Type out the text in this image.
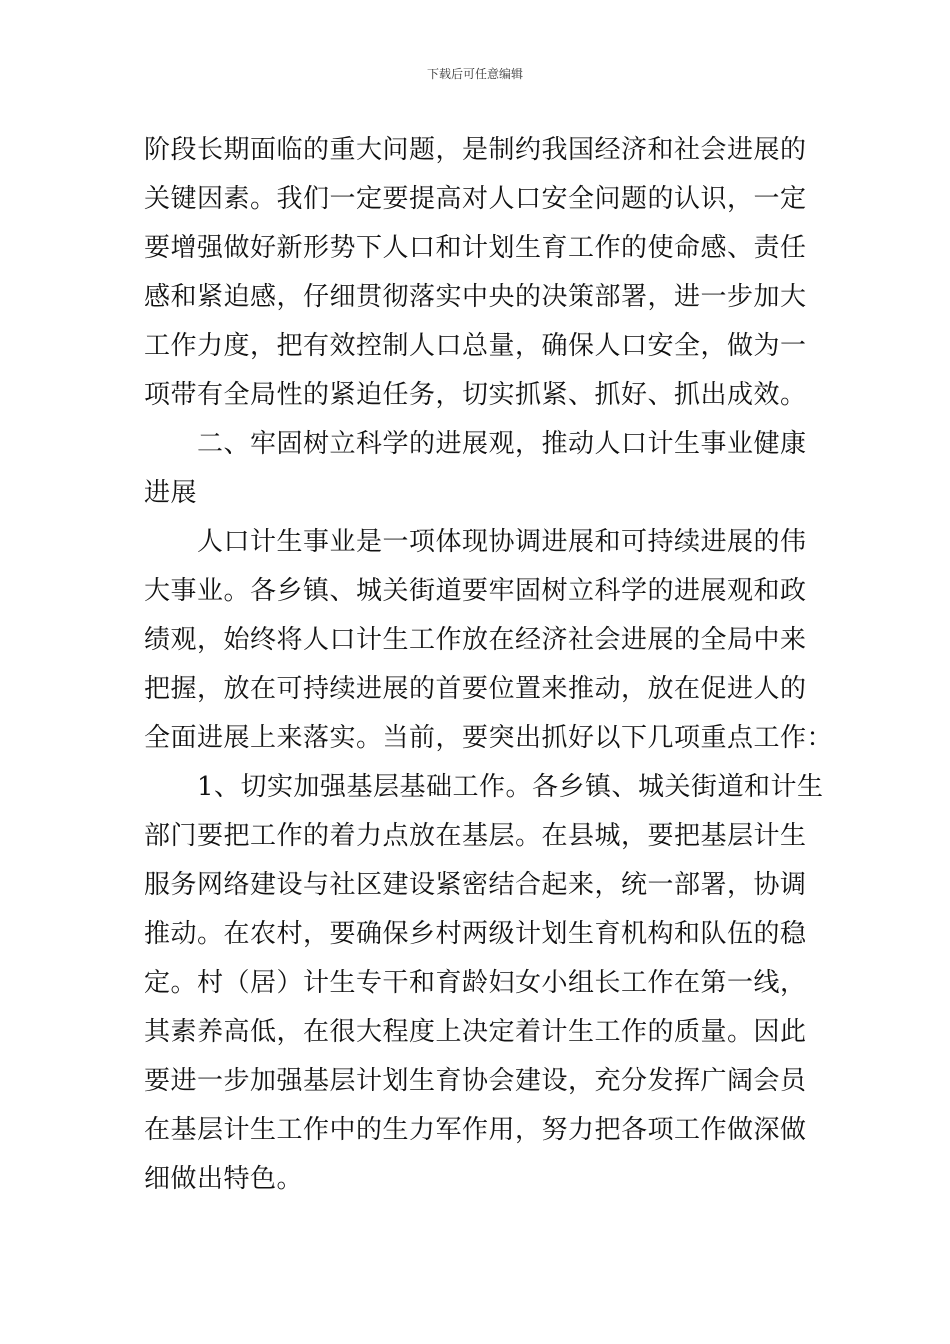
下载后可任意编辑
阶段长期面临的重大问题，是制约我国经济和社会进展的
关键因素。我们一定要提高对人口安全问题的认识，一定
要增强做好新形势下人口和计划生育工作的使命感、责任
感和紧迫感，仔细贯彻落实中央的决策部署，进一步加大
工作力度，把有效控制人口总量，确保人口安全，做为一
项带有全局性的紧迫任务，切实抓紧、抓好、抓出成效。
　　二、牢固树立科学的进展观，推动人口计生事业健康
进展
　　人口计生事业是一项体现协调进展和可持续进展的伟
大事业。各乡镇、城关街道要牢固树立科学的进展观和政
绩观，始终将人口计生工作放在经济社会进展的全局中来
把握，放在可持续进展的首要位置来推动，放在促进人的
全面进展上来落实。当前，要突出抓好以下几项重点工作：
　　1、切实加强基层基础工作。各乡镇、城关街道和计生
部门要把工作的着力点放在基层。在县城，要把基层计生
服务网络建设与社区建设紧密结合起来，统一部署，协调
推动。在农村，要确保乡村两级计划生育机构和队伍的稳
定。村（居）计生专干和育龄妇女小组长工作在第一线，
其素养高低，在很大程度上决定着计生工作的质量。因此
要进一步加强基层计划生育协会建设，充分发挥广阔会员
在基层计生工作中的生力军作用，努力把各项工作做深做
细做出特色。
